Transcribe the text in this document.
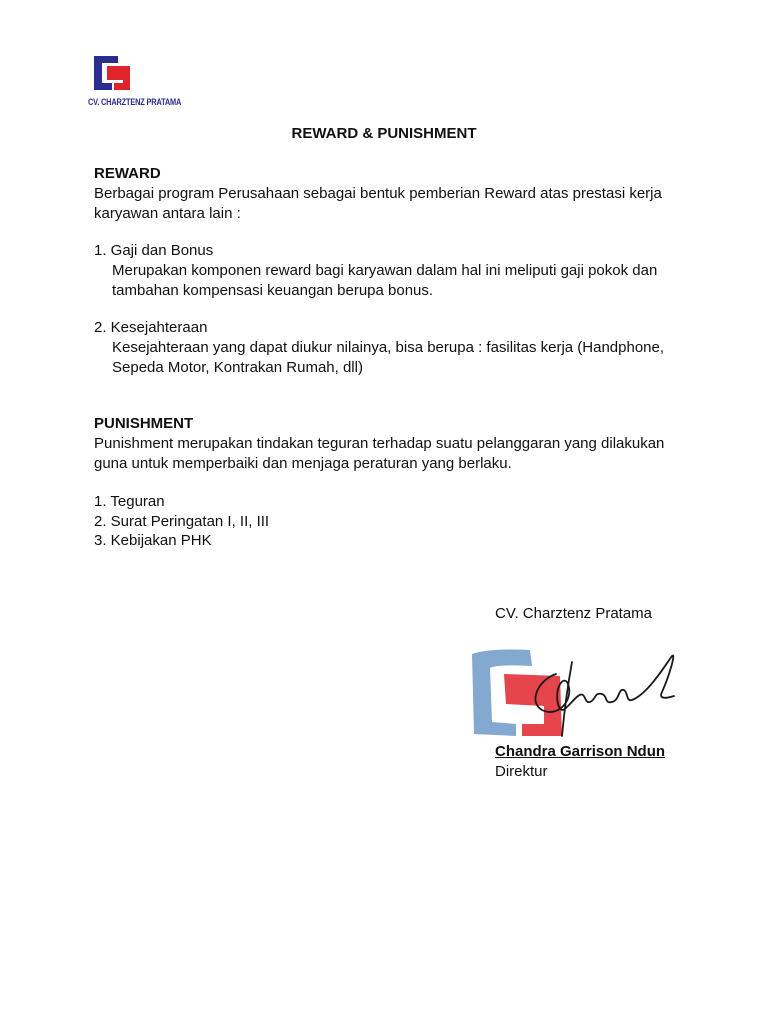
CV. CHARZTENZ PRATAMA
REWARD & PUNISHMENT
REWARD
Berbagai program Perusahaan sebagai bentuk pemberian Reward atas prestasi kerja
karyawan antara lain :
1. Gaji dan Bonus
Merupakan komponen reward bagi karyawan dalam hal ini meliputi gaji pokok dan
tambahan kompensasi keuangan berupa bonus.
2. Kesejahteraan
Kesejahteraan yang dapat diukur nilainya, bisa berupa : fasilitas kerja (Handphone,
Sepeda Motor, Kontrakan Rumah, dll)
PUNISHMENT
Punishment merupakan tindakan teguran terhadap suatu pelanggaran yang dilakukan
guna untuk memperbaiki dan menjaga peraturan yang berlaku.
1. Teguran
2. Surat Peringatan I, II, III
3. Kebijakan PHK
CV. Charztenz Pratama
Chandra Garrison Ndun
Direktur
